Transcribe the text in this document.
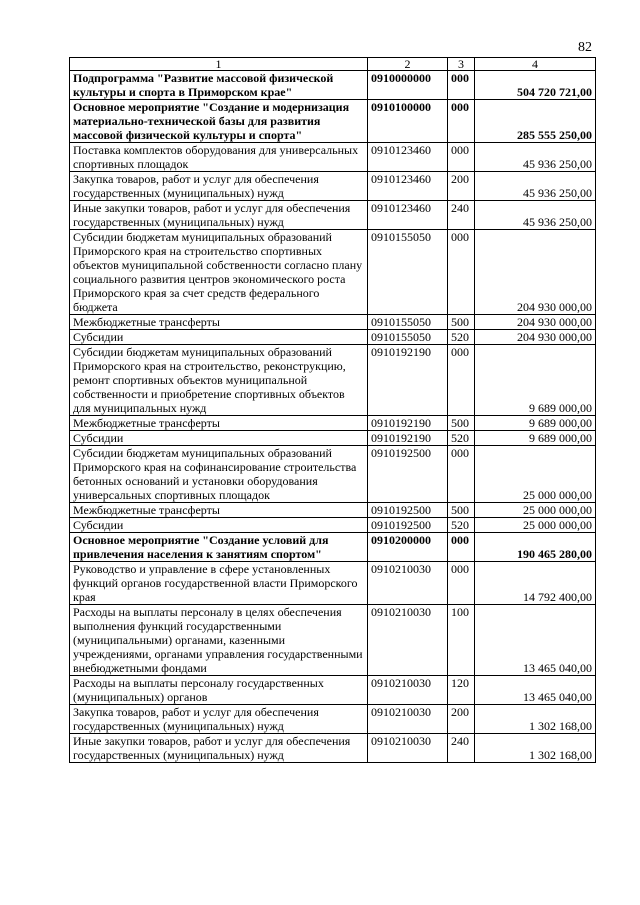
82
1	2	3	4
Подпрограмма "Развитие массовой физической культуры и спорта в Приморском крае"	0910000000	000	504 720 721,00
Основное мероприятие "Создание и модернизация материально-технической базы для развития массовой физической культуры и спорта"	0910100000	000	285 555 250,00
Поставка комплектов оборудования для универсальных спортивных площадок	0910123460	000	45 936 250,00
Закупка товаров, работ и услуг для обеспечения государственных (муниципальных) нужд	0910123460	200	45 936 250,00
Иные закупки товаров, работ и услуг для обеспечения государственных (муниципальных) нужд	0910123460	240	45 936 250,00
Субсидии бюджетам муниципальных образований Приморского края на строительство спортивных объектов муниципальной собственности согласно плану социального развития центров экономического роста Приморского края за счет средств федерального бюджета	0910155050	000	204 930 000,00
Межбюджетные трансферты	0910155050	500	204 930 000,00
Субсидии	0910155050	520	204 930 000,00
Субсидии бюджетам муниципальных образований Приморского края на строительство, реконструкцию, ремонт спортивных объектов муниципальной собственности и приобретение спортивных объектов для муниципальных нужд	0910192190	000	9 689 000,00
Межбюджетные трансферты	0910192190	500	9 689 000,00
Субсидии	0910192190	520	9 689 000,00
Субсидии бюджетам муниципальных образований Приморского края на софинансирование строительства бетонных оснований и установки оборудования универсальных спортивных площадок	0910192500	000	25 000 000,00
Межбюджетные трансферты	0910192500	500	25 000 000,00
Субсидии	0910192500	520	25 000 000,00
Основное мероприятие "Создание условий для привлечения населения к занятиям спортом"	0910200000	000	190 465 280,00
Руководство и управление в сфере установленных функций органов государственной власти Приморского края	0910210030	000	14 792 400,00
Расходы на выплаты персоналу в целях обеспечения выполнения функций государственными (муниципальными) органами, казенными учреждениями, органами управления государственными внебюджетными фондами	0910210030	100	13 465 040,00
Расходы на выплаты персоналу государственных (муниципальных) органов	0910210030	120	13 465 040,00
Закупка товаров, работ и услуг для обеспечения государственных (муниципальных) нужд	0910210030	200	1 302 168,00
Иные закупки товаров, работ и услуг для обеспечения государственных (муниципальных) нужд	0910210030	240	1 302 168,00
